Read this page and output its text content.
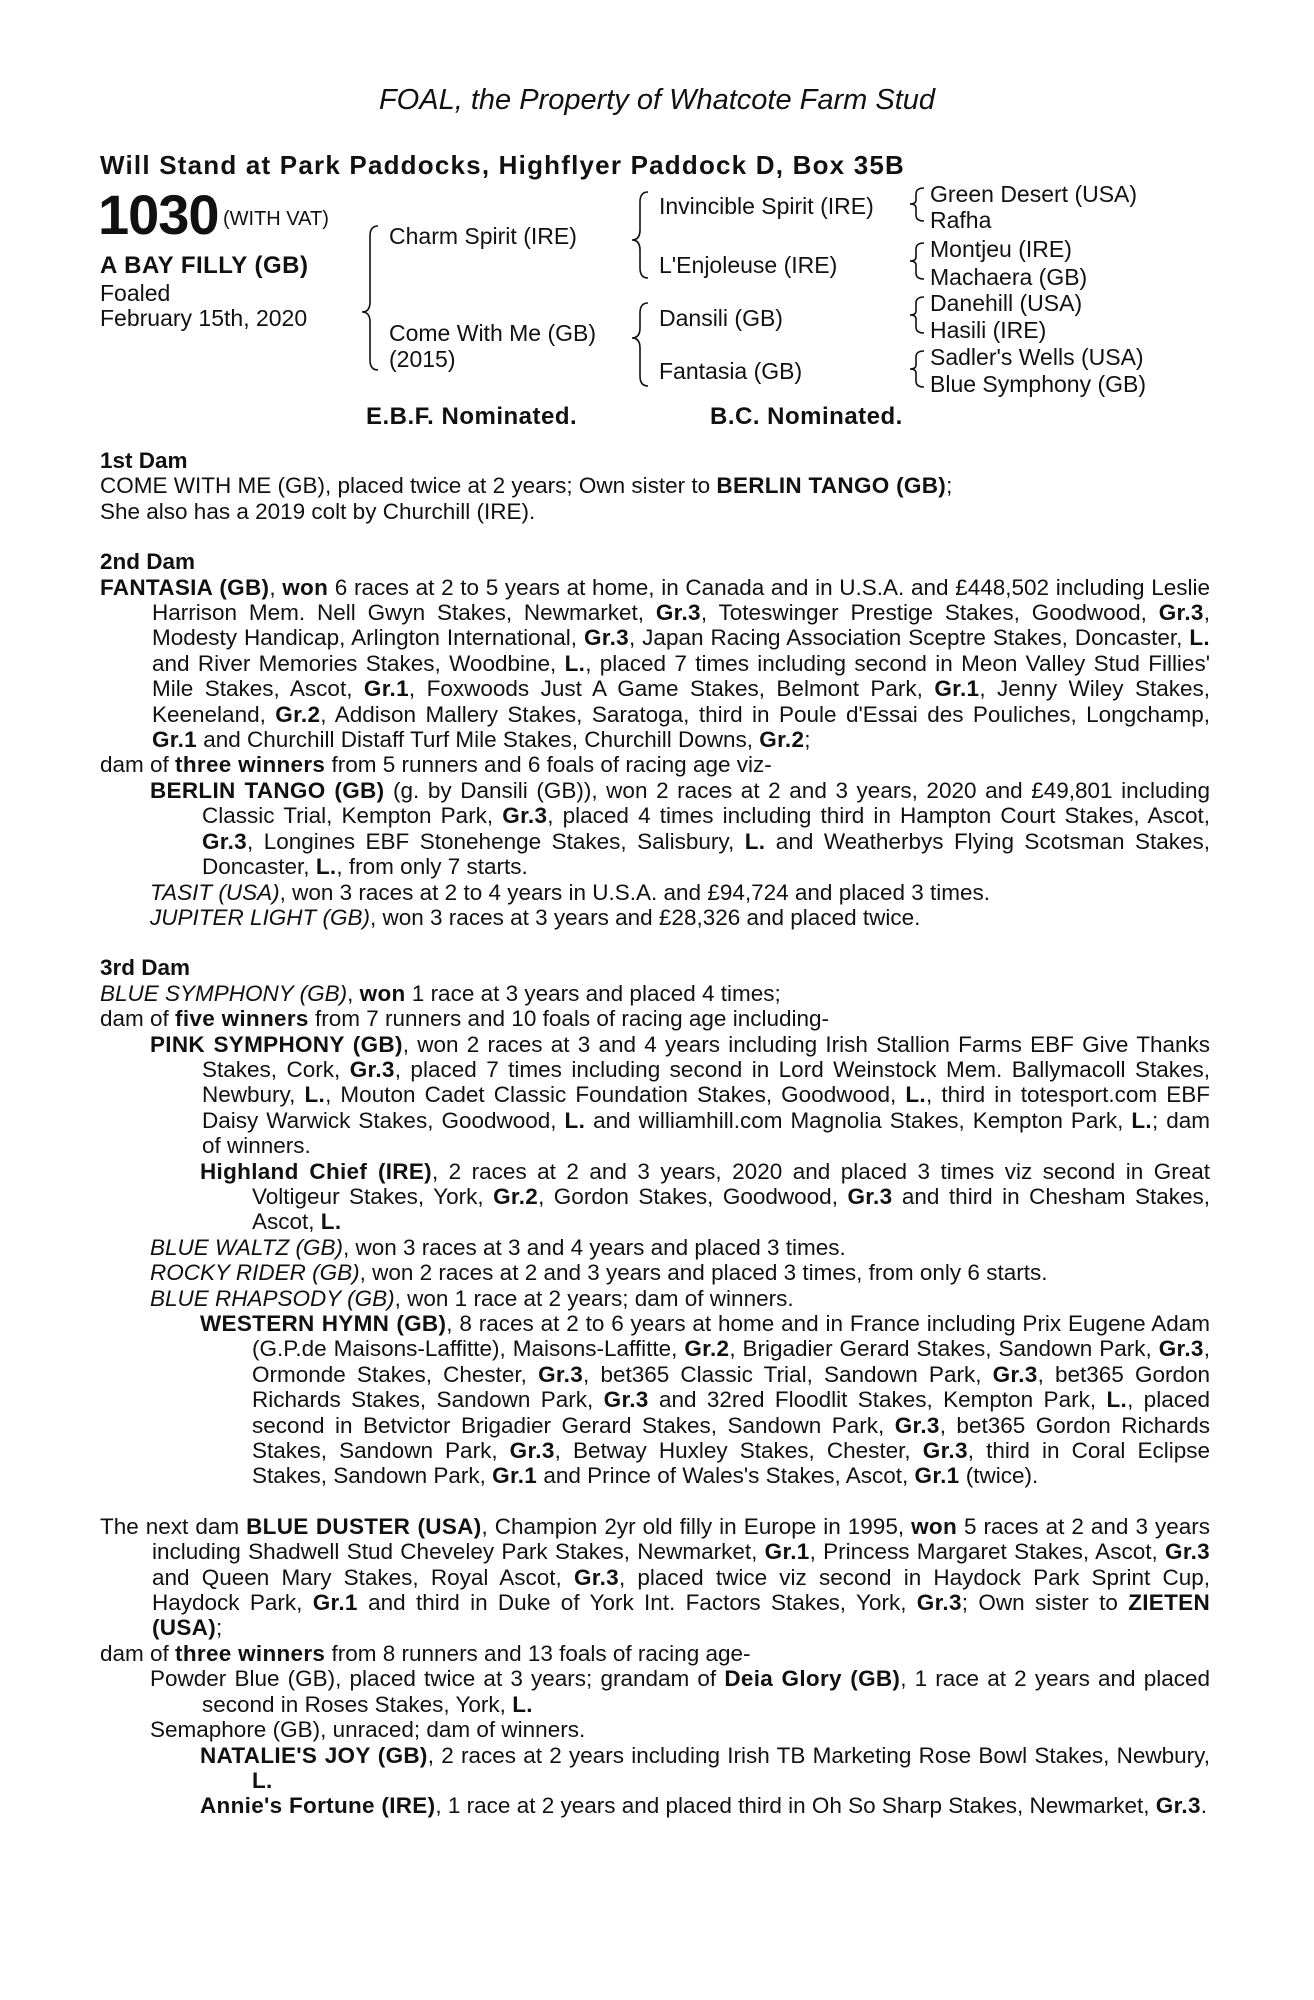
FOAL, the Property of Whatcote Farm Stud
Will Stand at Park Paddocks, Highflyer Paddock D, Box 35B
1030 (WITH VAT)
A BAY FILLY (GB)
Foaled
February 15th, 2020
Charm Spirit (IRE)
Come With Me (GB)
(2015)
Invincible Spirit (IRE)
L'Enjoleuse (IRE)
Dansili (GB)
Fantasia (GB)
Green Desert (USA)
Rafha
Montjeu (IRE)
Machaera (GB)
Danehill (USA)
Hasili (IRE)
Sadler's Wells (USA)
Blue Symphony (GB)
E.B.F. Nominated.	B.C. Nominated.

1st Dam

COME WITH ME (GB), placed twice at 2 years; Own sister to BERLIN TANGO (GB);

She also has a 2019 colt by Churchill (IRE).

2nd Dam

FANTASIA (GB), won 6 races at 2 to 5 years at home, in Canada and in U.S.A. and £448,502 including Leslie Harrison Mem. Nell Gwyn Stakes, Newmarket, Gr.3, Toteswinger Prestige Stakes, Goodwood, Gr.3, Modesty Handicap, Arlington International, Gr.3, Japan Racing Association Sceptre Stakes, Doncaster, L. and River Memories Stakes, Woodbine, L., placed 7 times including second in Meon Valley Stud Fillies' Mile Stakes, Ascot, Gr.1, Foxwoods Just A Game Stakes, Belmont Park, Gr.1, Jenny Wiley Stakes, Keeneland, Gr.2, Addison Mallery Stakes, Saratoga, third in Poule d'Essai des Pouliches, Longchamp, Gr.1 and Churchill Distaff Turf Mile Stakes, Churchill Downs, Gr.2;

dam of three winners from 5 runners and 6 foals of racing age viz-

BERLIN TANGO (GB) (g. by Dansili (GB)), won 2 races at 2 and 3 years, 2020 and £49,801 including Classic Trial, Kempton Park, Gr.3, placed 4 times including third in Hampton Court Stakes, Ascot, Gr.3, Longines EBF Stonehenge Stakes, Salisbury, L. and Weatherbys Flying Scotsman Stakes, Doncaster, L., from only 7 starts.

TASIT (USA), won 3 races at 2 to 4 years in U.S.A. and £94,724 and placed 3 times.

JUPITER LIGHT (GB), won 3 races at 3 years and £28,326 and placed twice.

3rd Dam

BLUE SYMPHONY (GB), won 1 race at 3 years and placed 4 times;

dam of five winners from 7 runners and 10 foals of racing age including-

PINK SYMPHONY (GB), won 2 races at 3 and 4 years including Irish Stallion Farms EBF Give Thanks Stakes, Cork, Gr.3, placed 7 times including second in Lord Weinstock Mem. Ballymacoll Stakes, Newbury, L., Mouton Cadet Classic Foundation Stakes, Goodwood, L., third in totesport.com EBF Daisy Warwick Stakes, Goodwood, L. and williamhill.com Magnolia Stakes, Kempton Park, L.; dam of winners.

Highland Chief (IRE), 2 races at 2 and 3 years, 2020 and placed 3 times viz second in Great Voltigeur Stakes, York, Gr.2, Gordon Stakes, Goodwood, Gr.3 and third in Chesham Stakes, Ascot, L.

BLUE WALTZ (GB), won 3 races at 3 and 4 years and placed 3 times.

ROCKY RIDER (GB), won 2 races at 2 and 3 years and placed 3 times, from only 6 starts.

BLUE RHAPSODY (GB), won 1 race at 2 years; dam of winners.

WESTERN HYMN (GB), 8 races at 2 to 6 years at home and in France including Prix Eugene Adam (G.P.de Maisons-Laffitte), Maisons-Laffitte, Gr.2, Brigadier Gerard Stakes, Sandown Park, Gr.3, Ormonde Stakes, Chester, Gr.3, bet365 Classic Trial, Sandown Park, Gr.3, bet365 Gordon Richards Stakes, Sandown Park, Gr.3 and 32red Floodlit Stakes, Kempton Park, L., placed second in Betvictor Brigadier Gerard Stakes, Sandown Park, Gr.3, bet365 Gordon Richards Stakes, Sandown Park, Gr.3, Betway Huxley Stakes, Chester, Gr.3, third in Coral Eclipse Stakes, Sandown Park, Gr.1 and Prince of Wales's Stakes, Ascot, Gr.1 (twice).

The next dam BLUE DUSTER (USA), Champion 2yr old filly in Europe in 1995, won 5 races at 2 and 3 years including Shadwell Stud Cheveley Park Stakes, Newmarket, Gr.1, Princess Margaret Stakes, Ascot, Gr.3 and Queen Mary Stakes, Royal Ascot, Gr.3, placed twice viz second in Haydock Park Sprint Cup, Haydock Park, Gr.1 and third in Duke of York Int. Factors Stakes, York, Gr.3; Own sister to ZIETEN (USA);

dam of three winners from 8 runners and 13 foals of racing age-

Powder Blue (GB), placed twice at 3 years; grandam of Deia Glory (GB), 1 race at 2 years and placed second in Roses Stakes, York, L.

Semaphore (GB), unraced; dam of winners.

NATALIE'S JOY (GB), 2 races at 2 years including Irish TB Marketing Rose Bowl Stakes, Newbury, L.

Annie's Fortune (IRE), 1 race at 2 years and placed third in Oh So Sharp Stakes, Newmarket, Gr.3.
